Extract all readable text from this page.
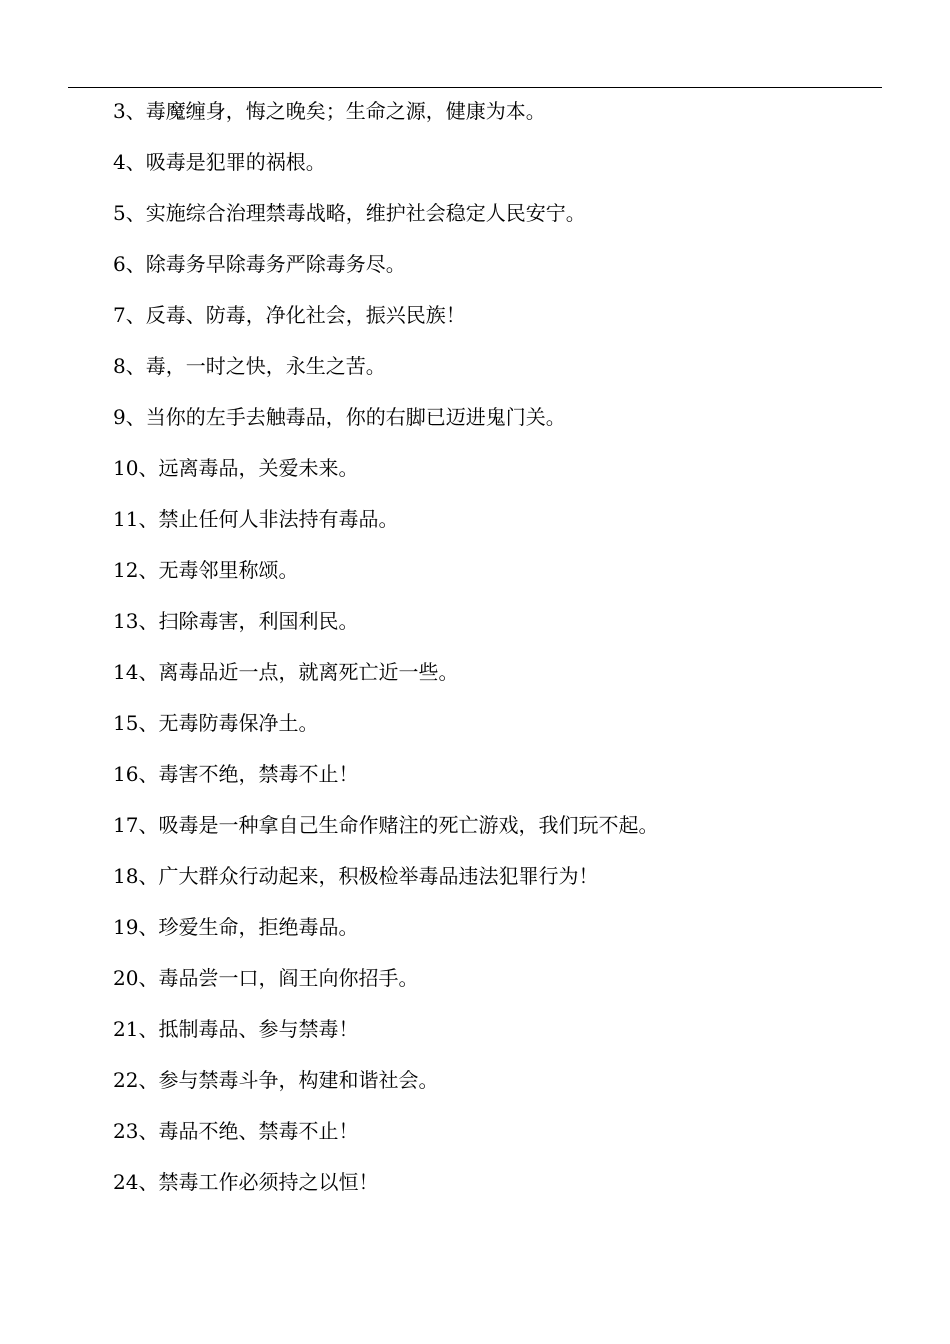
3、毒魔缠身，悔之晚矣；生命之源，健康为本。
4、吸毒是犯罪的祸根。
5、实施综合治理禁毒战略，维护社会稳定人民安宁。
6、除毒务早除毒务严除毒务尽。
7、反毒、防毒，净化社会，振兴民族！
8、毒，一时之快，永生之苦。
9、当你的左手去触毒品，你的右脚已迈进鬼门关。
10、远离毒品，关爱未来。
11、禁止任何人非法持有毒品。
12、无毒邻里称颂。
13、扫除毒害，利国利民。
14、离毒品近一点，就离死亡近一些。
15、无毒防毒保净土。
16、毒害不绝，禁毒不止！
17、吸毒是一种拿自己生命作赌注的死亡游戏，我们玩不起。
18、广大群众行动起来，积极检举毒品违法犯罪行为！
19、珍爱生命，拒绝毒品。
20、毒品尝一口，阎王向你招手。
21、抵制毒品、参与禁毒！
22、参与禁毒斗争，构建和谐社会。
23、毒品不绝、禁毒不止！
24、禁毒工作必须持之以恒！
